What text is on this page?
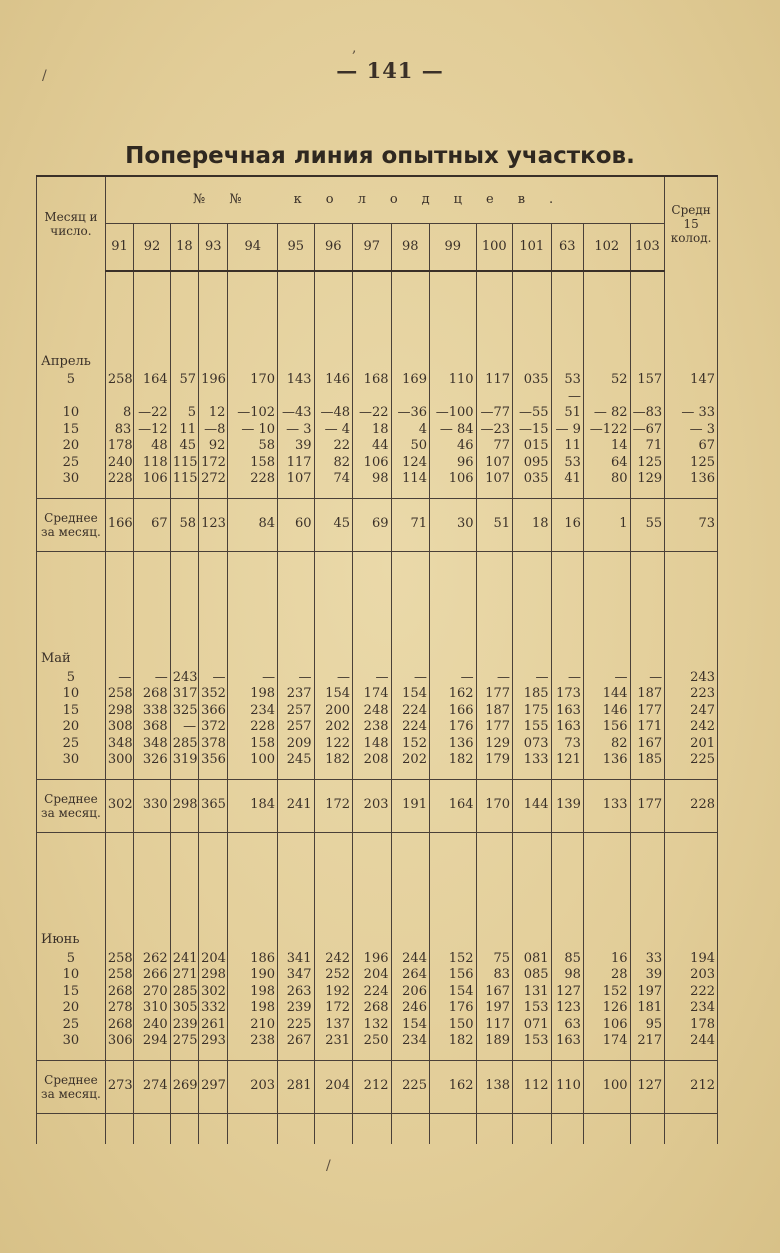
— 141 —
Поперечная линия опытных участков.
Месяц и число.	№№ колодцев.															Средн 15 колод.
	91	92	18	93	94	95	96	97	98	99	100	101	63	102	103	
Апрель																
5	258	164	57	196	170	143	146	168	169	110	117	035	53	52	157	147
10	8	—22	5	12	—102	—43	—48	—22	—36	—100	—77	—55	—51	— 82	—83	— 33
15	83	—12	11	—8	— 10	— 3	— 4	18	4	— 84	—23	—15	— 9	—122	—67	— 3
20	178	48	45	92	58	39	22	44	50	46	77	015	11	14	71	67
25	240	118	115	172	158	117	82	106	124	96	107	095	53	64	125	125
30	228	106	115	272	228	107	74	98	114	106	107	035	41	80	129	136

Среднее за месяц.	166	67	58	123	84	60	45	69	71	30	51	18	16	1	55	73

Май																
5	—	—	243	—	—	—	—	—	—	—	—	—	—	—	—	243
10	258	268	317	352	198	237	154	174	154	162	177	185	173	144	187	223
15	298	338	325	366	234	257	200	248	224	166	187	175	163	146	177	247
20	308	368	—	372	228	257	202	238	224	176	177	155	163	156	171	242
25	348	348	285	378	158	209	122	148	152	136	129	073	73	82	167	201
30	300	326	319	356	100	245	182	208	202	182	179	133	121	136	185	225

Среднее за месяц.	302	330	298	365	184	241	172	203	191	164	170	144	139	133	177	228

Июнь																
5	258	262	241	204	186	341	242	196	244	152	75	081	85	16	33	194
10	258	266	271	298	190	347	252	204	264	156	83	085	98	28	39	203
15	268	270	285	302	198	263	192	224	206	154	167	131	127	152	197	222
20	278	310	305	332	198	239	172	268	246	176	197	153	123	126	181	234
25	268	240	239	261	210	225	137	132	154	150	117	071	63	106	95	178
30	306	294	275	293	238	267	231	250	234	182	189	153	163	174	217	244

Среднее за месяц.	273	274	269	297	203	281	204	212	225	162	138	112	110	100	127	212

/
,
/
